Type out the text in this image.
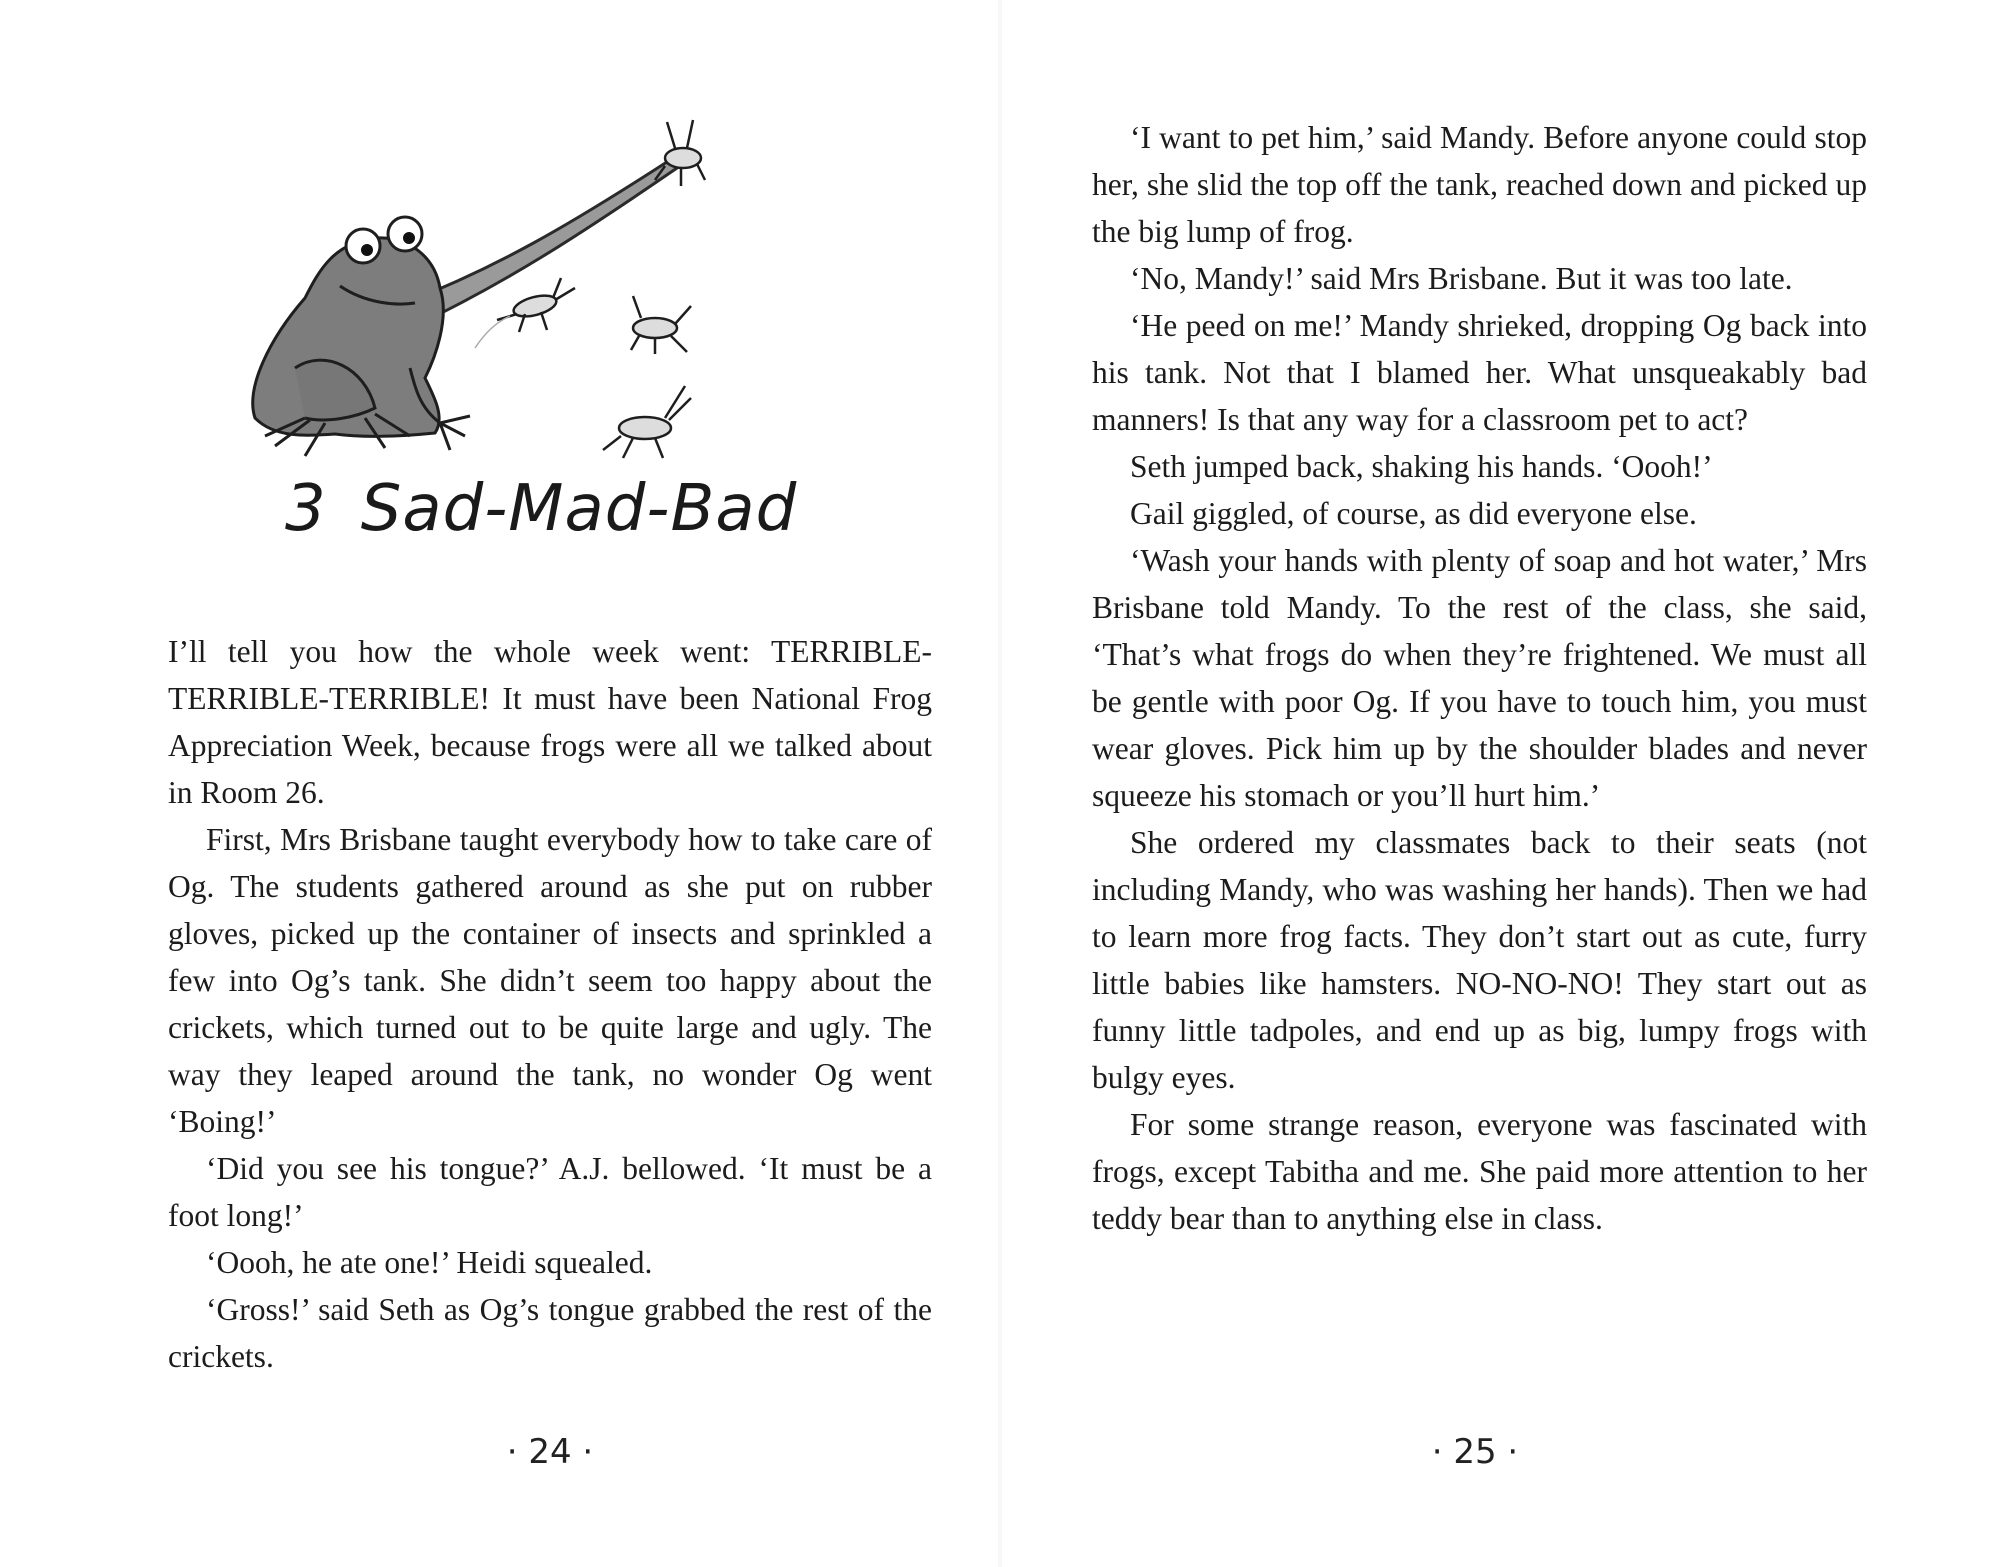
3 Sad-Mad-Bad

I’ll tell you how the whole week went: TERRIBLE-TERRIBLE-TERRIBLE! It must have been National Frog Appreciation Week, because frogs were all we talked about in Room 26.

First, Mrs Brisbane taught everybody how to take care of Og. The students gathered around as she put on rubber gloves, picked up the container of insects and sprinkled a few into Og’s tank. She didn’t seem too happy about the crickets, which turned out to be quite large and ugly. The way they leaped around the tank, no wonder Og went ‘Boing!’

‘Did you see his tongue?’ A.J. bellowed. ‘It must be a foot long!’

‘Oooh, he ate one!’ Heidi squealed.

‘Gross!’ said Seth as Og’s tongue grabbed the rest of the crickets.

· 24 ·

‘I want to pet him,’ said Mandy. Before anyone could stop her, she slid the top off the tank, reached down and picked up the big lump of frog.

‘No, Mandy!’ said Mrs Brisbane. But it was too late.

‘He peed on me!’ Mandy shrieked, dropping Og back into his tank. Not that I blamed her. What unsqueakably bad manners! Is that any way for a classroom pet to act?

Seth jumped back, shaking his hands. ‘Oooh!’

Gail giggled, of course, as did everyone else.

‘Wash your hands with plenty of soap and hot water,’ Mrs Brisbane told Mandy. To the rest of the class, she said, ‘That’s what frogs do when they’re frightened. We must all be gentle with poor Og. If you have to touch him, you must wear gloves. Pick him up by the shoulder blades and never squeeze his stomach or you’ll hurt him.’

She ordered my classmates back to their seats (not including Mandy, who was washing her hands). Then we had to learn more frog facts. They don’t start out as cute, furry little babies like hamsters. NO-NO-NO! They start out as funny little tadpoles, and end up as big, lumpy frogs with bulgy eyes.

For some strange reason, everyone was fascinated with frogs, except Tabitha and me. She paid more attention to her teddy bear than to anything else in class.

· 25 ·
